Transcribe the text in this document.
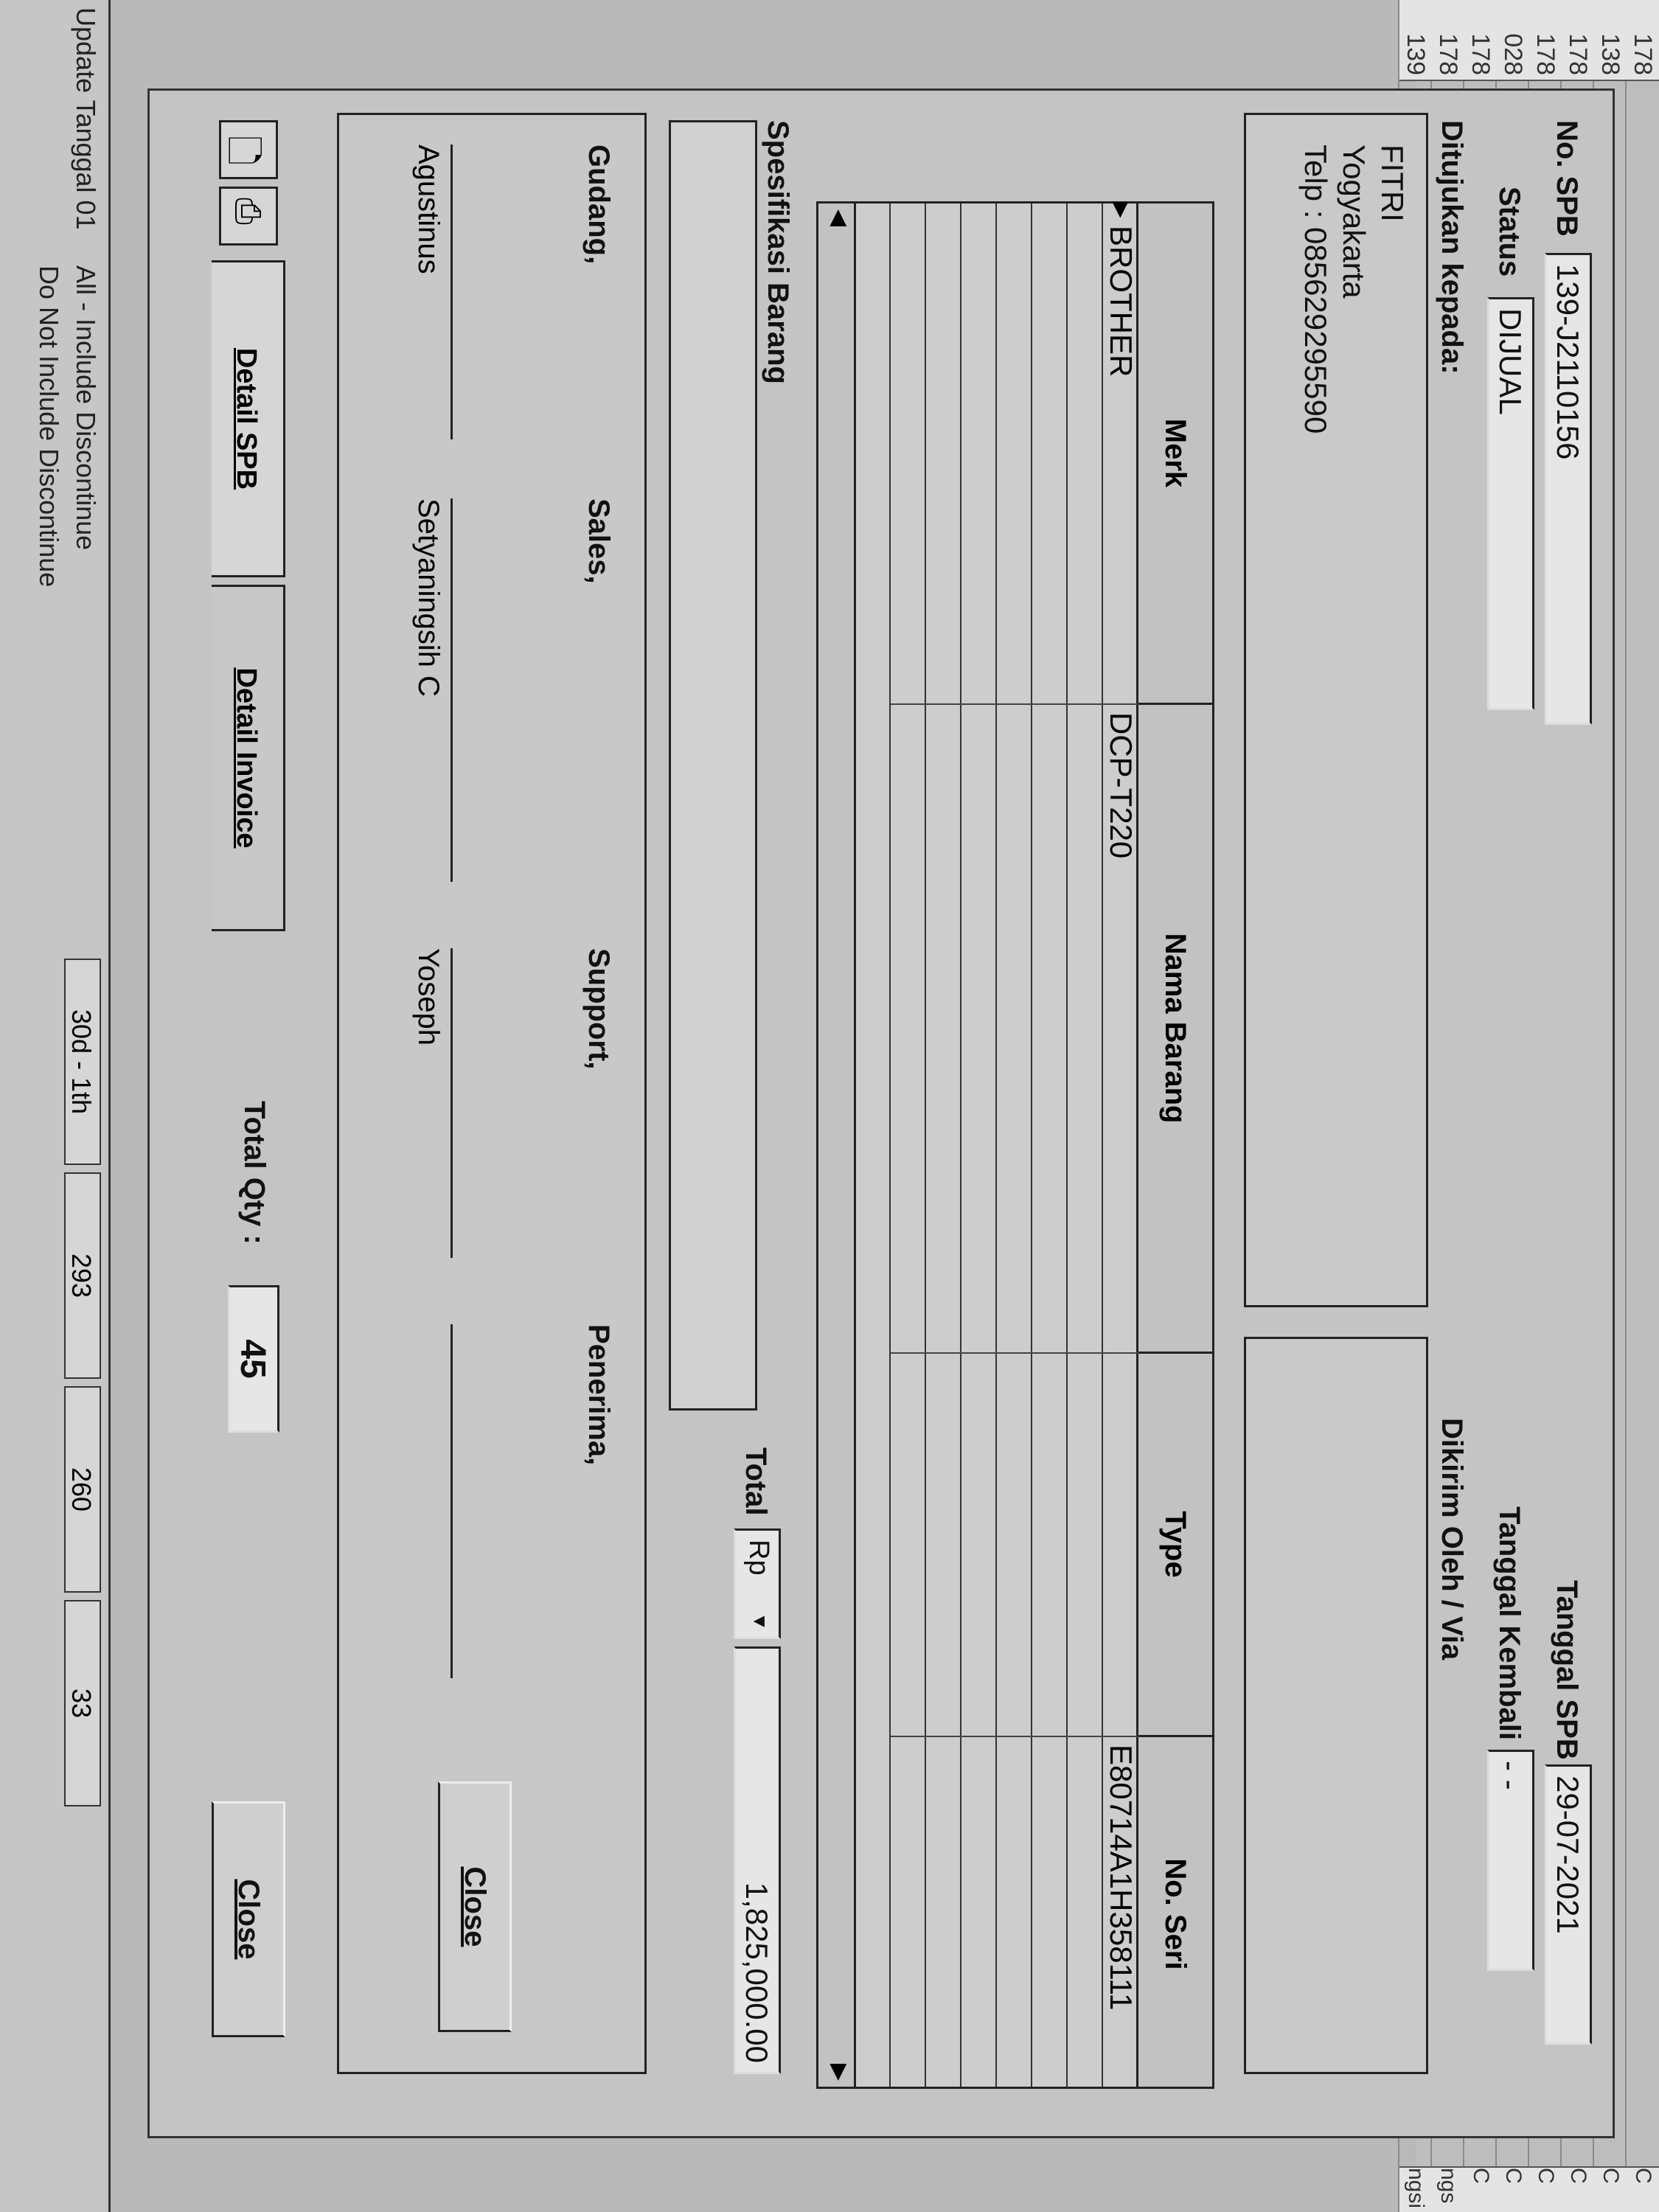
178
C
138
C
178
C
178
C
028
C
178
C
178
ngs
139
ngsi
No. SPB
139-J2110156
Tanggal SPB
29-07-2021
Status
DIJUAL
Tanggal Kembali
- -
Ditujukan kepada:
FITRI
Yogyakarta
Telp : 085629295590
Dikirim Oleh / Via
Merk
Nama Barang
Type
No. Seri
BROTHER
DCP-T220
E80714A1H358111
▶
◀
▶
Spesifikasi Barang
Total
Rp
▼
1,825,000.00
Gudang,
Sales,
Support,
Penerima,
Agustinus
Setyaningsih C
Yoseph
Close
🗋
⎙
Detail SPB
Detail Invoice
Total Qty :
45
Close
Update Tanggal 01
All - Include Discontinue
Do Not Include Discontinue
30d - 1th
293
260
33
